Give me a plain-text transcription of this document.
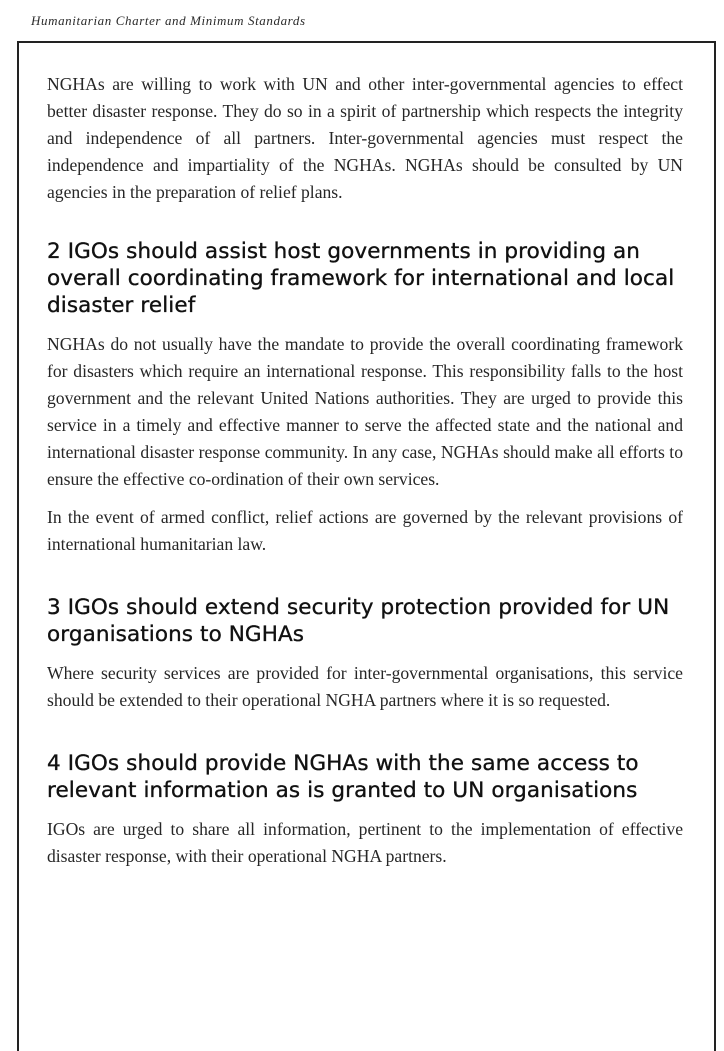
Humanitarian Charter and Minimum Standards

NGHAs are willing to work with UN and other inter-governmental agencies to effect better disaster response. They do so in a spirit of partnership which respects the integrity and independence of all partners. Inter-governmental agencies must respect the independence and impartiality of the NGHAs. NGHAs should be consulted by UN agencies in the preparation of relief plans.

2 IGOs should assist host governments in providing an overall coordinating framework for international and local disaster relief

NGHAs do not usually have the mandate to provide the overall coordinating framework for disasters which require an international response. This responsibility falls to the host government and the relevant United Nations authorities. They are urged to provide this service in a timely and effective manner to serve the affected state and the national and international disaster response community. In any case, NGHAs should make all efforts to ensure the effective co-ordination of their own services.

In the event of armed conflict, relief actions are governed by the relevant provisions of international humanitarian law.

3 IGOs should extend security protection provided for UN organisations to NGHAs

Where security services are provided for inter-governmental organisations, this service should be extended to their operational NGHA partners where it is so requested.

4 IGOs should provide NGHAs with the same access to relevant information as is granted to UN organisations

IGOs are urged to share all information, pertinent to the implementation of effective disaster response, with their operational NGHA partners.
